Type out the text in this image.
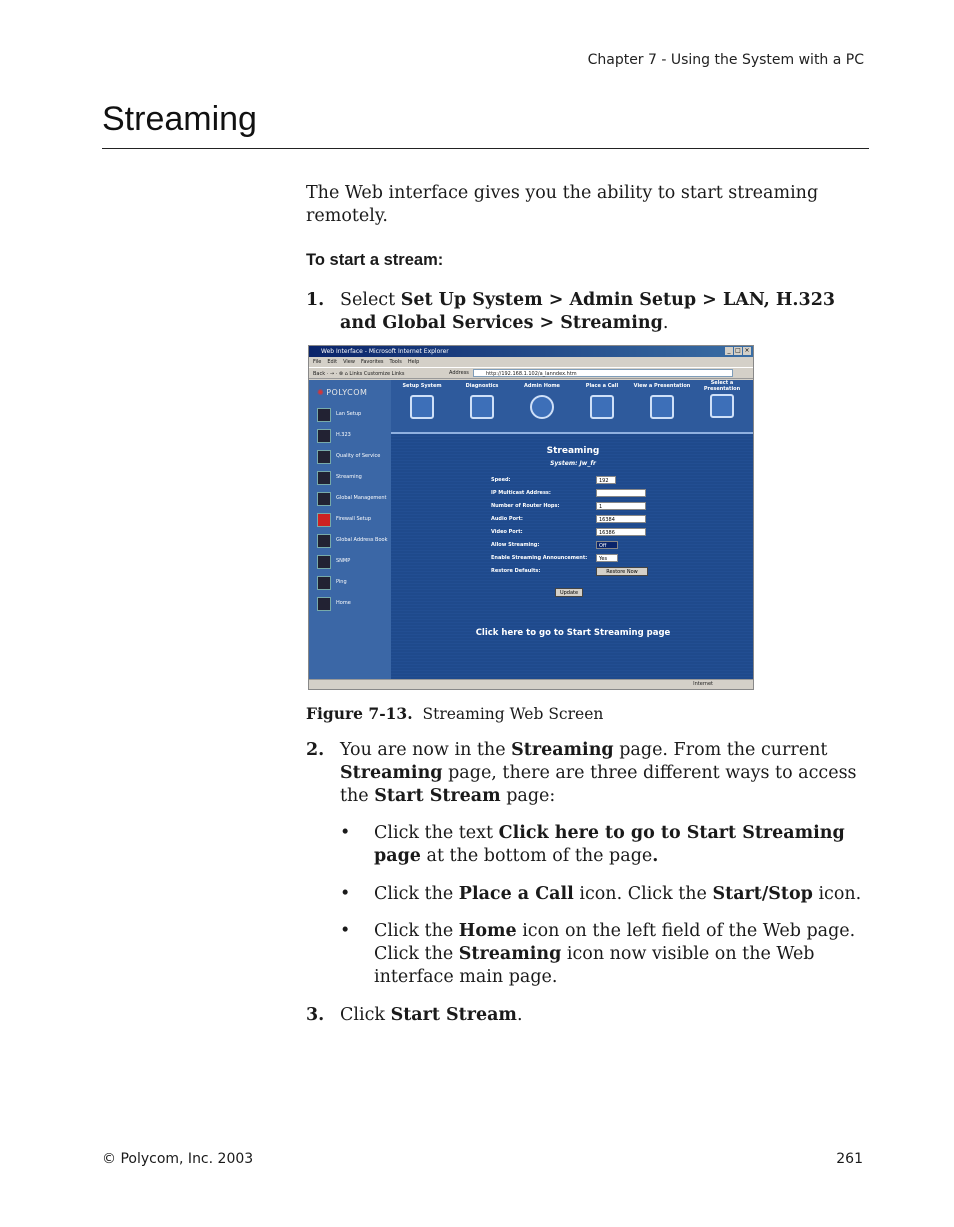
Chapter 7 - Using the System with a PC
Streaming
The Web interface gives you the ability to start streaming remotely.
To start a stream:
1. Select Set Up System > Admin Setup > LAN, H.323 and Global Services > Streaming.
Web Interface - Microsoft Internet Explorer	_ □ ×
File Edit View Favorites Tools Help
Back · → · ⊗ ⌂ Links Customize Links	Address	http://192.168.1.102/a_lanndex.htm
✺ POLYCOM
Lan Setup
H.323
Quality of Service
Streaming
Global Management
Firewall Setup
Global Address Book
SNMP
Ping
Home
Setup System	Diagnostics	Admin Home	Place a Call	View a Presentation	Select a Presentation
Streaming
System: Jw_fr
Speed:	192
IP Multicast Address:
Number of Router Hops:	1
Audio Port:	16384
Video Port:	16386
Allow Streaming:	Off
Enable Streaming Announcement:	Yes
Restore Defaults:	Restore Now
Update
Click here to go to Start Streaming page
Internet
Figure 7-13. Streaming Web Screen
2. You are now in the Streaming page. From the current Streaming page, there are three different ways to access the Start Stream page:
• Click the text Click here to go to Start Streaming page at the bottom of the page.
• Click the Place a Call icon. Click the Start/Stop icon.
• Click the Home icon on the left field of the Web page. Click the Streaming icon now visible on the Web interface main page.
3. Click Start Stream.
© Polycom, Inc. 2003	261
